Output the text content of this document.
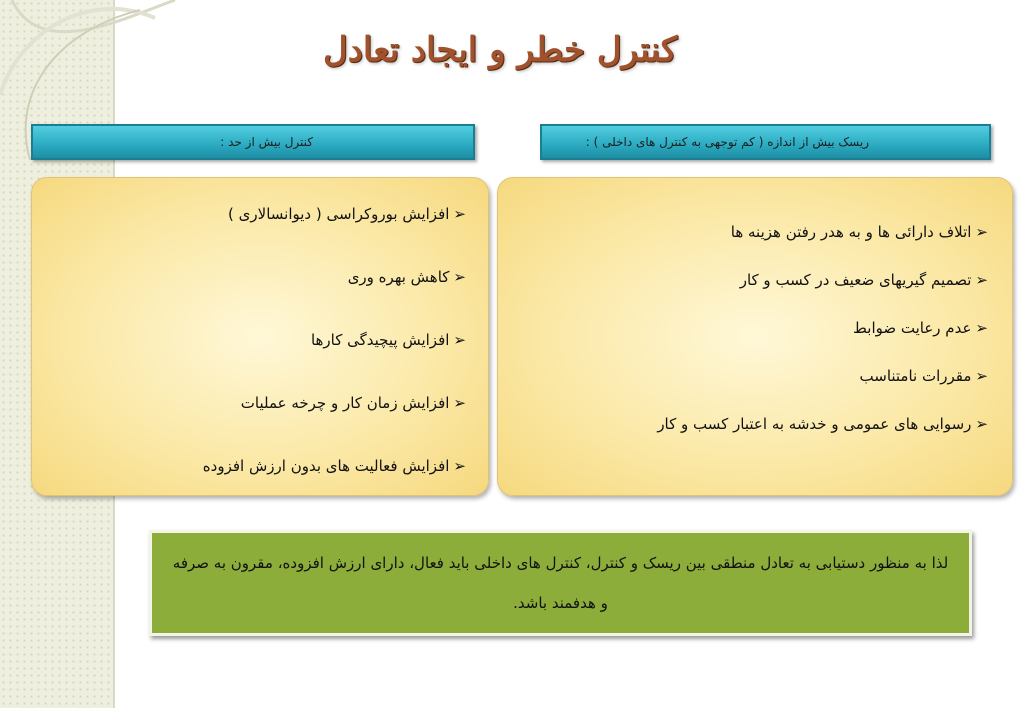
کنترل خطر و ایجاد تعادل
ریسک بیش از اندازه ( کم توجهی به کنترل های داخلی ) :
کنترل بیش از حد :
➢اتلاف دارائی ها و به هدر رفتن هزینه ها
➢تصمیم گیریهای ضعیف در کسب و کار
➢عدم رعایت ضوابط
➢مقررات نامتناسب
➢رسوایی های عمومی و خدشه به اعتبار کسب و کار
➢افزایش بوروکراسی ( دیوانسالاری )
➢کاهش بهره وری
➢افزایش پیچیدگی کارها
➢افزایش زمان کار و چرخه عملیات
➢افزایش فعالیت های بدون ارزش افزوده
لذا به منظور دستیابی به تعادل منطقی بین ریسک و کنترل، کنترل های داخلی باید فعال، دارای ارزش افزوده، مقرون به صرفه و هدفمند باشد.
